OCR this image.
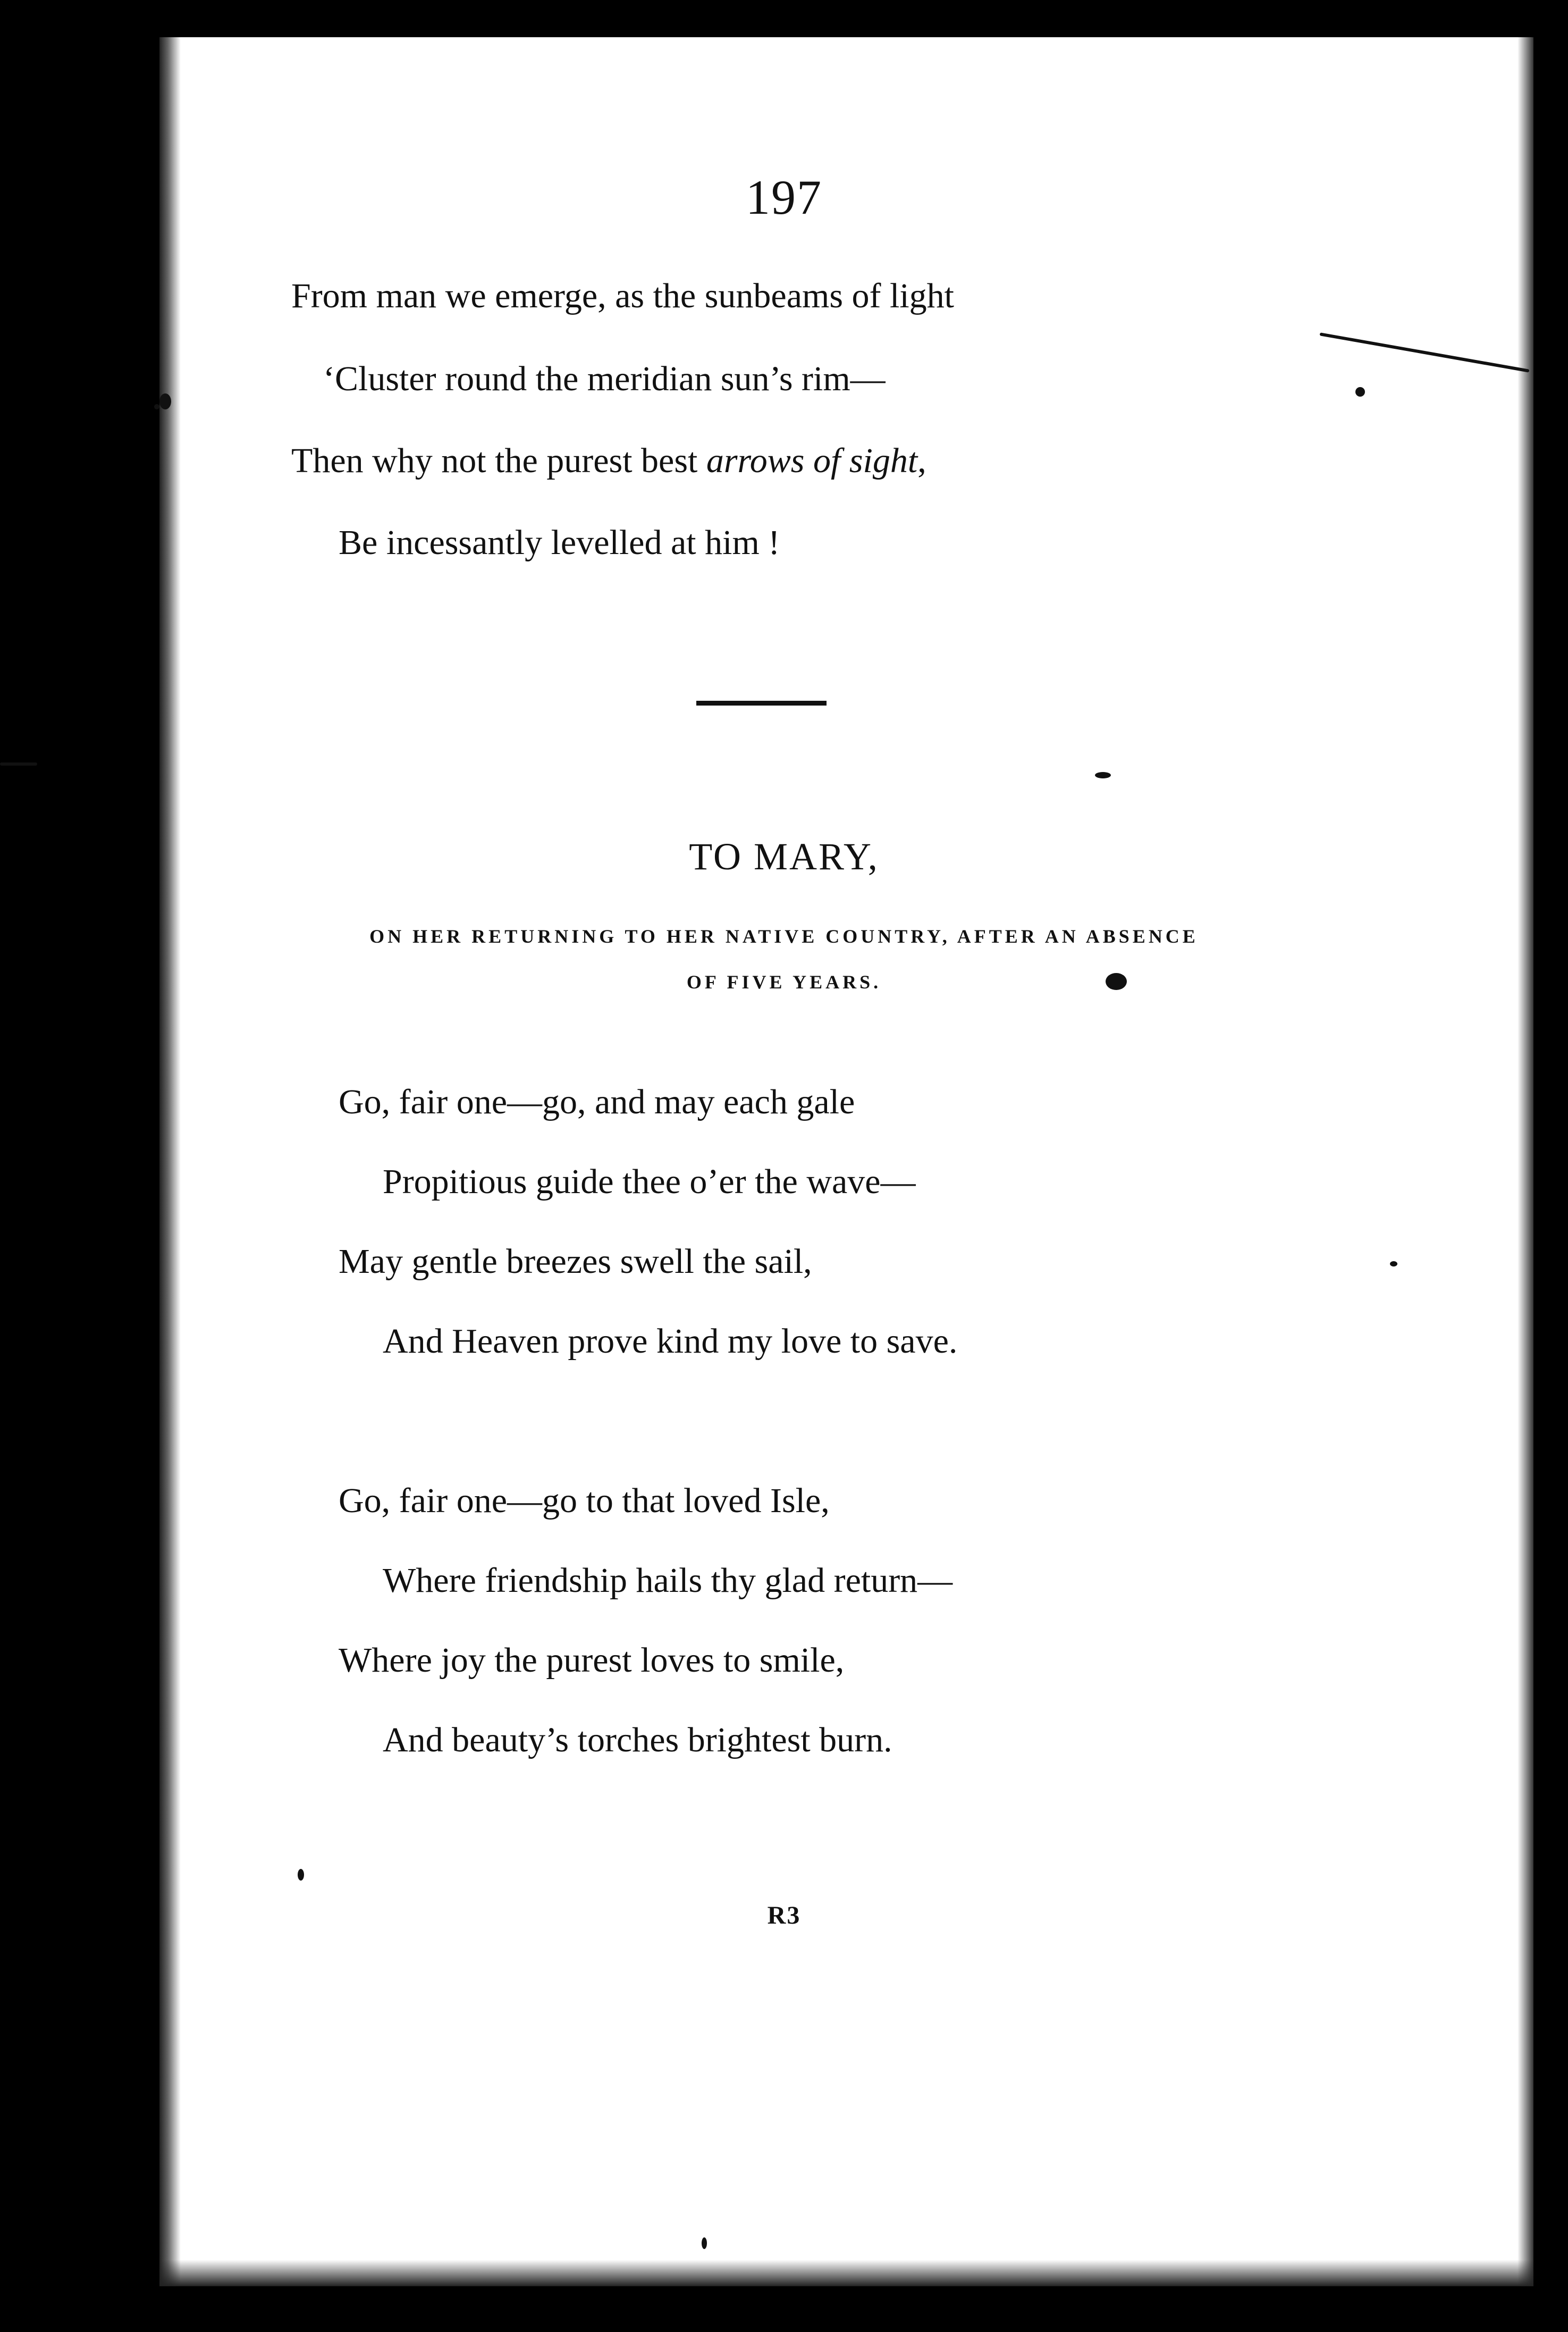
197
From man we emerge, as the sunbeams of light
‘Cluster round the meridian sun’s rim—
Then why not the purest best arrows of sight,
Be incessantly levelled at him !
TO MARY,
ON HER RETURNING TO HER NATIVE COUNTRY, AFTER AN ABSENCE
OF FIVE YEARS.
Go, fair one—go, and may each gale
Propitious guide thee o’er the wave—
May gentle breezes swell the sail,
And Heaven prove kind my love to save.
Go, fair one—go to that loved Isle,
Where friendship hails thy glad return—
Where joy the purest loves to smile,
And beauty’s torches brightest burn.
R3
